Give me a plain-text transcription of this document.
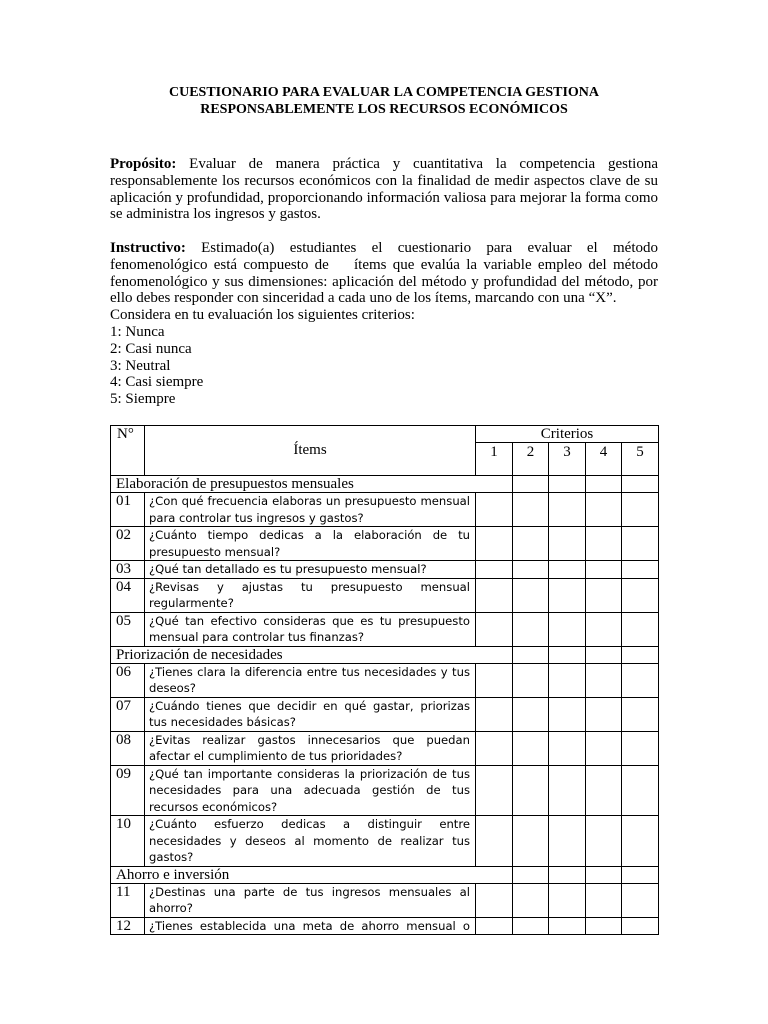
CUESTIONARIO PARA EVALUAR LA COMPETENCIA GESTIONA
RESPONSABLEMENTE LOS RECURSOS ECONÓMICOS
Propósito: Evaluar de manera práctica y cuantitativa la competencia gestiona responsablemente los recursos económicos con la finalidad de medir aspectos clave de su aplicación y profundidad, proporcionando información valiosa para mejorar la forma como se administra los ingresos y gastos.
Instructivo: Estimado(a) estudiantes el cuestionario para evaluar el método fenomenológico está compuesto de    ítems que evalúa la variable empleo del método fenomenológico y sus dimensiones: aplicación del método y profundidad del método, por ello debes responder con sinceridad a cada uno de los ítems, marcando con una “X”.
Considera en tu evaluación los siguientes criterios:
1: Nunca
2: Casi nunca
3: Neutral
4: Casi siempre
5: Siempre
N°	Ítems	Criterios				
		1	2	3	4	5
Elaboración de presupuestos mensuales						
01	¿Con qué frecuencia elaboras un presupuesto mensual para controlar tus ingresos y gastos?					
02	¿Cuánto tiempo dedicas a la elaboración de tu presupuesto mensual?					
03	¿Qué tan detallado es tu presupuesto mensual?					
04	¿Revisas y ajustas tu presupuesto mensual regularmente?					
05	¿Qué tan efectivo consideras que es tu presupuesto mensual para controlar tus finanzas?					
Priorización de necesidades						
06	¿Tienes clara la diferencia entre tus necesidades y tus deseos?					
07	¿Cuándo tienes que decidir en qué gastar, priorizas tus necesidades básicas?					
08	¿Evitas realizar gastos innecesarios que puedan afectar el cumplimiento de tus prioridades?					
09	¿Qué tan importante consideras la priorización de tus necesidades para una adecuada gestión de tus recursos económicos?					
10	¿Cuánto esfuerzo dedicas a distinguir entre necesidades y deseos al momento de realizar tus gastos?					
Ahorro e inversión						
11	¿Destinas una parte de tus ingresos mensuales al ahorro?					
12	¿Tienes establecida una meta de ahorro mensual o					
